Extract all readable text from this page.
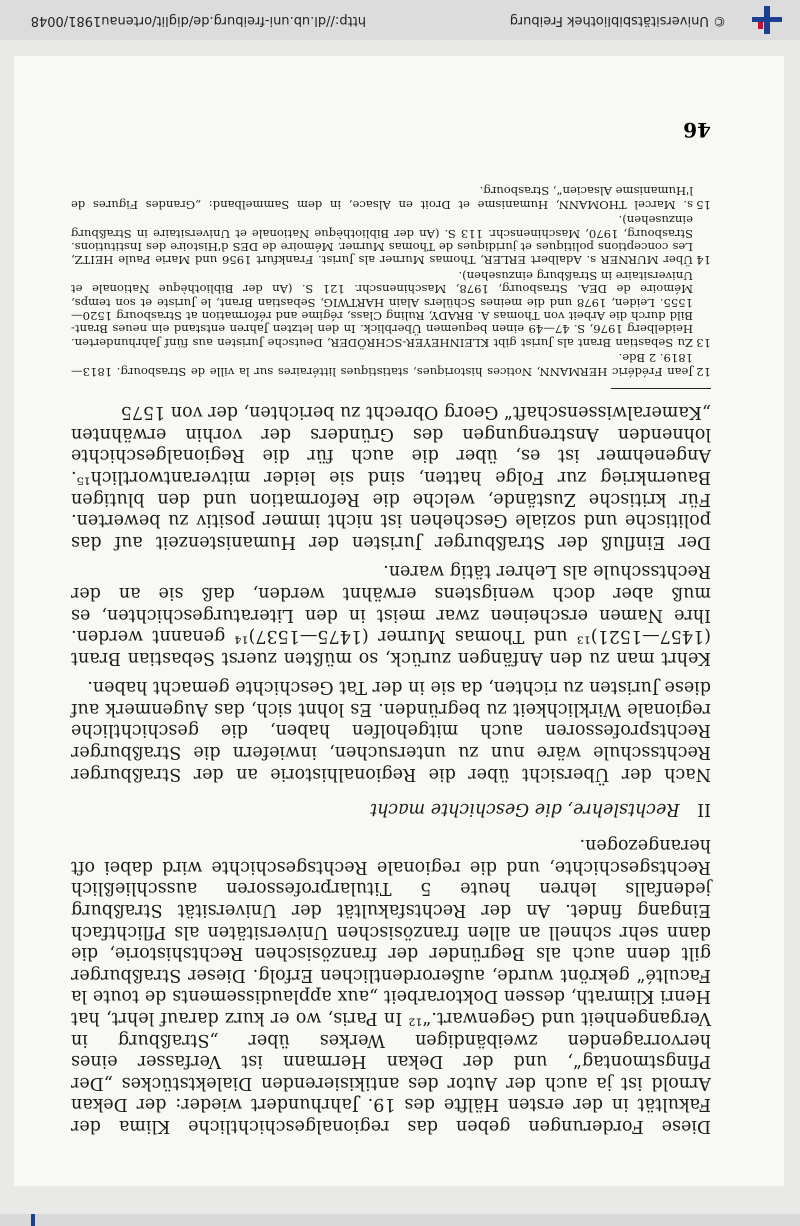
Diese Forderungen geben das regionalgeschichtliche Klima der Fakultät in der ersten Hälfte des 19. Jahrhundert wieder: der Dekan Arnold ist ja auch der Autor des antikisierenden Dialektstückes „Der Pfingstmontag“, und der Dekan Hermann ist Verfasser eines hervorragenden zweibändigen Werkes über „Straßburg in Vergangenheit und Gegenwart.“¹² In Paris, wo er kurz darauf lehrt, hat Henri Klimrath, dessen Doktorarbeit „aux applaudissements de toute la Faculté“ gekrönt wurde, außerordentlichen Erfolg. Dieser Straßburger gilt denn auch als Begründer der französischen Rechtshistorie, die dann sehr schnell an allen französischen Universitäten als Pflichtfach Eingang findet. An der Rechtsfakultät der Universität Straßburg jedenfalls lehren heute 5 Titularprofessoren ausschließlich Rechtsgeschichte, und die regionale Rechtsgeschichte wird dabei oft herangezogen.

II Rechtslehre, die Geschichte macht

Nach der Übersicht über die Regionalhistorie an der Straßburger Rechtsschule wäre nun zu untersuchen, inwiefern die Straßburger Rechtsprofessoren auch mitgeholfen haben, die geschichtliche regionale Wirklichkeit zu begründen. Es lohnt sich, das Augenmerk auf diese Juristen zu richten, da sie in der Tat Geschichte gemacht haben.

Kehrt man zu den Anfängen zurück, so müßten zuerst Sebastian Brant (1457—1521)¹³ und Thomas Murner (1475—1537)¹⁴ genannt werden. Ihre Namen erscheinen zwar meist in den Literaturgeschichten, es muß aber doch wenigstens erwähnt werden, daß sie an der Rechtsschule als Lehrer tätig waren.

Der Einfluß der Straßburger Juristen der Humanistenzeit auf das politische und soziale Geschehen ist nicht immer positiv zu bewerten. Für kritische Zustände, welche die Reformation und den blutigen Bauernkrieg zur Folge hatten, sind sie leider mitverantwortlich¹⁵. Angenehmer ist es, über die auch für die Regionalgeschichte lohnenden Anstrengungen des Gründers der vorhin erwähnten „Kameralwissenschaft“ Georg Obrecht zu berichten, der von 1575

12
Jean Frédéric HERMANN, Notices historiques, statistiques littéraires sur la ville de Strasbourg. 1813—1819. 2 Bde.
13
Zu Sebastian Brant als Jurist gibt KLEINHEYER-SCHRÖDER, Deutsche Juristen aus fünf Jahrhunderten. Heidelberg 1976, S. 47—49 einen bequemen Überblick. In den letzten Jahren entstand ein neues Brant-Bild durch die Arbeit von Thomas A. BRADY, Ruling Class, régime and réformation at Strasbourg 1520—1555. Leiden, 1978 und die meines Schülers Alain HARTWIG, Sebastian Brant, le Juriste et son temps, Mémoire de DEA. Strasbourg, 1978, Maschinenschr. 121 S. (An der Bibliothèque Nationale et Universitaire in Straßburg einzusehen).
14
Über MURNER s. Adalbert ERLER, Thomas Murner als Jurist. Frankfurt 1956 und Marie Paule HEITZ, Les conceptions politiques et juridiques de Thomas Murner. Mémoire de DES d'Histoire des Institutions. Strasbourg, 1970, Maschinenschr. 113 S. (An der Bibliothèque Nationale et Universitaire in Straßburg einzusehen).
15
s. Marcel THOMANN, Humanisme et Droit en Alsace, in dem Sammelband: „Grandes Figures de l'Humanisme Alsacien“, Strasbourg.
46
© Universitätsbibliothek Freiburg
http://dl.ub.uni-freiburg.de/diglit/ortenau1981/0048
